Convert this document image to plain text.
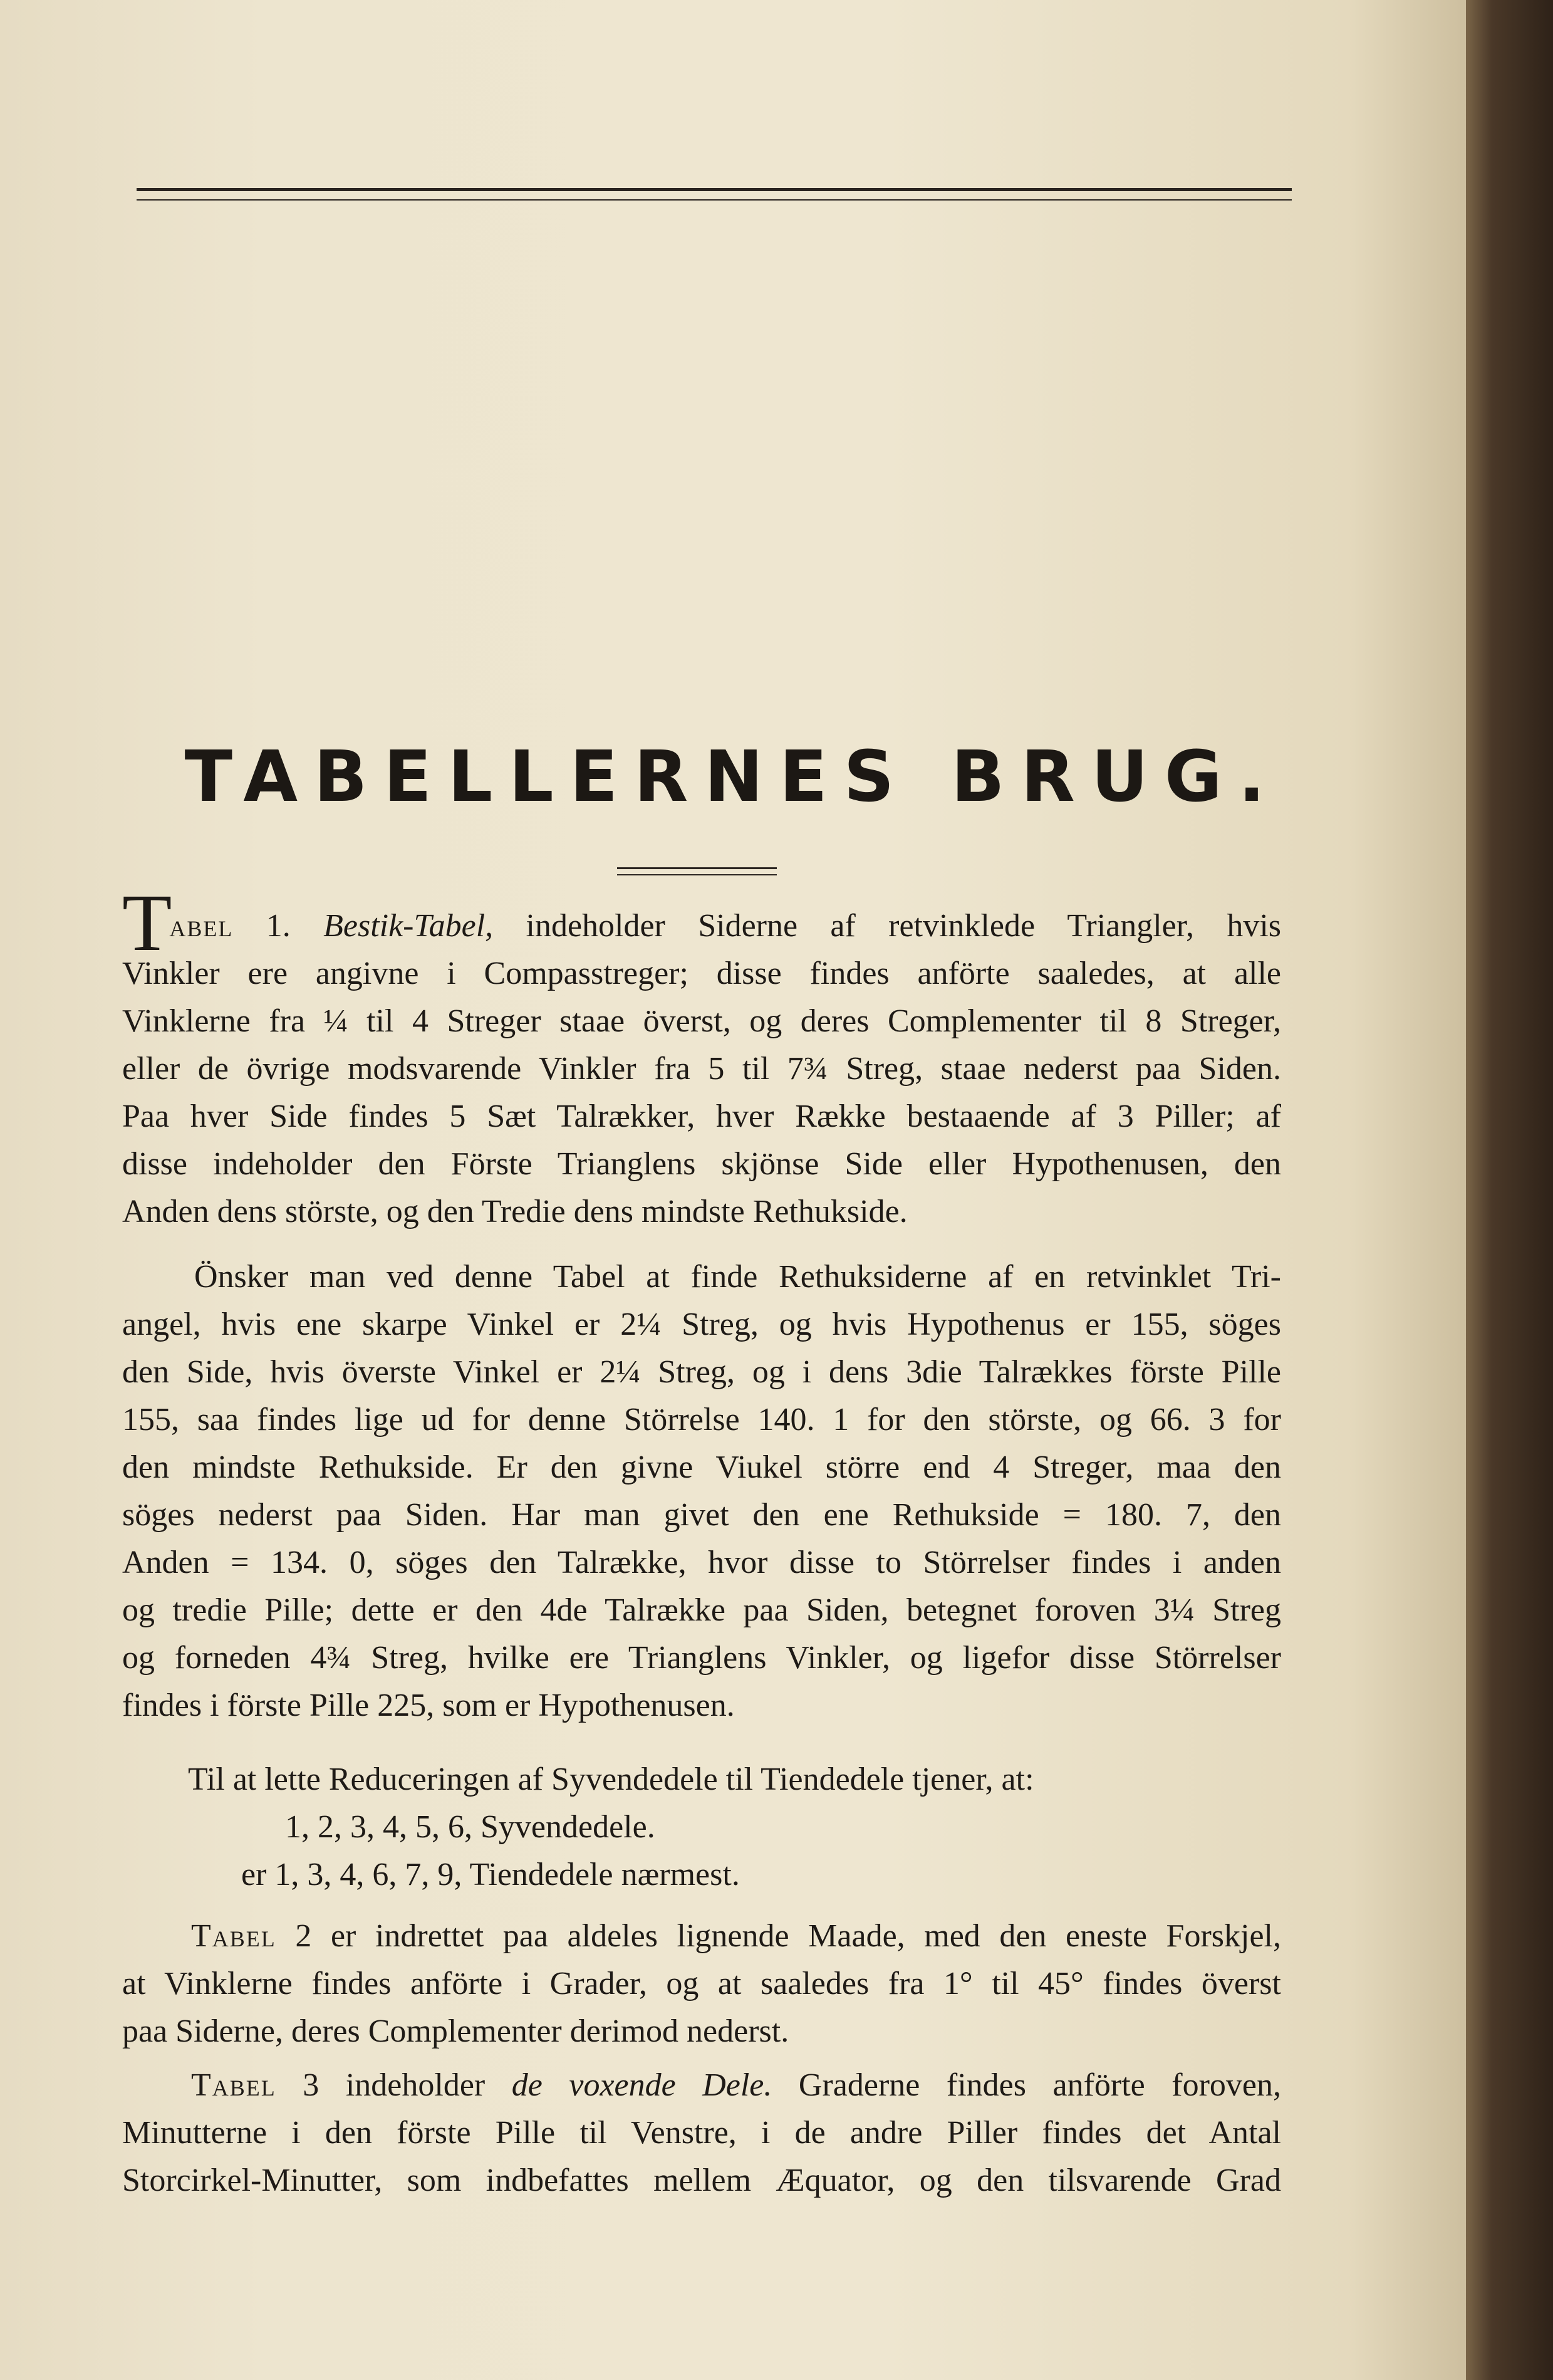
TABELLERNES BRUG.
Tabel 1. Bestik-Tabel, indeholder Siderne af retvinklede Triangler, hvis
Vinkler ere angivne i Compasstreger; disse findes anförte saaledes, at alle
Vinklerne fra ¼ til 4 Streger staae överst, og deres Complementer til 8 Streger,
eller de övrige modsvarende Vinkler fra 5 til 7¾ Streg, staae nederst paa Siden.
Paa hver Side findes 5 Sæt Talrækker, hver Række bestaaende af 3 Piller; af
disse indeholder den Förste Trianglens skjönse Side eller Hypothenusen, den
Anden dens störste, og den Tredie dens mindste Rethukside.
Önsker man ved denne Tabel at finde Rethuksiderne af en retvinklet Tri-
angel, hvis ene skarpe Vinkel er 2¼ Streg, og hvis Hypothenus er 155, söges
den Side, hvis överste Vinkel er 2¼ Streg, og i dens 3die Talrækkes förste Pille
155, saa findes lige ud for denne Störrelse 140. 1 for den störste, og 66. 3 for
den mindste Rethukside. Er den givne Viukel större end 4 Streger, maa den
söges nederst paa Siden. Har man givet den ene Rethukside = 180. 7, den
Anden = 134. 0, söges den Talrække, hvor disse to Störrelser findes i anden
og tredie Pille; dette er den 4de Talrække paa Siden, betegnet foroven 3¼ Streg
og forneden 4¾ Streg, hvilke ere Trianglens Vinkler, og ligefor disse Störrelser
findes i förste Pille 225, som er Hypothenusen.
Til at lette Reduceringen af Syvendedele til Tiendedele tjener, at:
1, 2, 3, 4, 5, 6, Syvendedele.
er 1, 3, 4, 6, 7, 9, Tiendedele nærmest.
Tabel 2 er indrettet paa aldeles lignende Maade, med den eneste Forskjel,
at Vinklerne findes anförte i Grader, og at saaledes fra 1° til 45° findes överst
paa Siderne, deres Complementer derimod nederst.
Tabel 3 indeholder de voxende Dele. Graderne findes anförte foroven,
Minutterne i den förste Pille til Venstre, i de andre Piller findes det Antal
Storcirkel-Minutter, som indbefattes mellem Æquator, og den tilsvarende Grad
